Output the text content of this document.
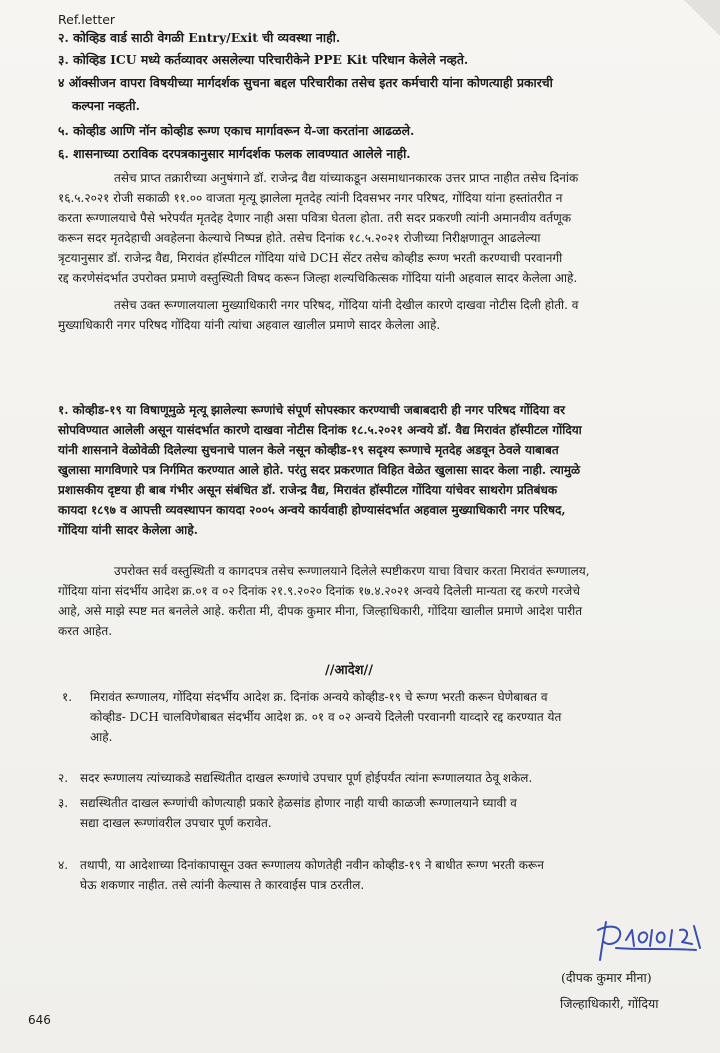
Ref.letter
२. कोव्हिड वार्ड साठी वेगळी Entry/Exit ची व्यवस्था नाही.
३. कोव्हिड ICU मध्ये कर्तव्यावर असलेल्या परिचारीकेने PPE Kit परिधान केलेले नव्हते.
४ ऑक्सीजन वापरा विषयीच्या मार्गदर्शक सुचना बद्दल परिचारीका तसेच इतर कर्मचारी यांना कोणत्याही प्रकारची
कल्पना नव्हती.
५. कोव्हीड आणि नॉन कोव्हीड रूग्ण एकाच मार्गावरून ये-जा करतांना आढळले.
६. शासनाच्या ठराविक दरपत्रकानुसार मार्गदर्शक फलक लावण्यात आलेले नाही.
तसेच प्राप्त तक्रारीच्या अनुषंगाने डॉ. राजेन्द्र वैद्य यांच्याकडून असमाधानकारक उत्तर प्राप्त नाहीत तसेच दिनांक
१६.५.२०२१ रोजी सकाळी ११.०० वाजता मृत्यू झालेला मृतदेह त्यांनी दिवसभर नगर परिषद, गोंदिया यांना हस्तांतरीत न
करता रूग्णालयाचे पैसे भरेपर्यंत मृतदेह देणार नाही असा पवित्रा घेतला होता. तरी सदर प्रकरणी त्यांनी अमानवीय वर्तणूक
करून सदर मृतदेहाची अवहेलना केल्याचे निष्पन्न होते. तसेच दिनांक १८.५.२०२१ रोजीच्या निरीक्षणातून आढलेल्या
त्रृटयानुसार डॉ. राजेन्द्र वैद्य, मिरावंत हॉस्पीटल गोंदिया यांचे DCH सेंटर तसेच कोव्हीड रूग्ण भरती करण्याची परवानगी
रद्द करणेसंदर्भात उपरोक्त प्रमाणे वस्तुस्थिती विषद करून जिल्हा शल्यचिकित्सक गोंदिया यांनी अहवाल सादर केलेला आहे.
तसेच उक्त रूग्णालयाला मुख्याधिकारी नगर परिषद, गोंदिया यांनी देखील कारणे दाखवा नोटीस दिली होती. व
मुख्याधिकारी नगर परिषद गोंदिया यांनी त्यांचा अहवाल खालील प्रमाणे सादर केलेला आहे.
१. कोव्हीड-१९ या विषाणूमुळे मृत्यू झालेल्या रूग्णांचे संपूर्ण सोपस्कार करण्याची जबाबदारी ही नगर परिषद गोंदिया वर
सोपविण्यात आलेली असून यासंदर्भात कारणे दाखवा नोटीस दिनांक १८.५.२०२१ अन्वये डॉ. वैद्य मिरावंत हॉस्पीटल गोंदिया
यांनी शासनाने वेळोवेळी दिलेल्या सुचनाचे पालन केले नसून कोव्हीड-१९ सदृश्य रूग्णाचे मृतदेह अडवून ठेवले याबाबत
खुलासा मागविणारे पत्र निर्गमित करण्यात आले होते. परंतु सदर प्रकरणात विहित वेळेत खुलासा सादर केला नाही. त्यामुळे
प्रशासकीय दृष्टया ही बाब गंभीर असून संबंधित डॉ. राजेन्द्र वैद्य, मिरावंत हॉस्पीटल गोंदिया यांचेवर साथरोग प्रतिबंधक
कायदा १८९७ व आपत्ती व्यवस्थापन कायदा २००५ अन्वये कार्यवाही होण्यासंदर्भात अहवाल मुख्याधिकारी नगर परिषद,
गोंदिया यांनी सादर केलेला आहे.
उपरोक्त सर्व वस्तुस्थिती व कागदपत्र तसेच रूग्णालयाने दिलेले स्पष्टीकरण याचा विचार करता मिरावंत रूग्णालय,
गोंदिया यांना संदर्भीय आदेश क्र.०१ व ०२ दिनांक २१.९.२०२० दिनांक १७.४.२०२१ अन्वये दिलेली मान्यता रद्द करणे गरजेचे
आहे, असे माझे स्पष्ट मत बनलेले आहे. करीता मी, दीपक कुमार मीना, जिल्हाधिकारी, गोंदिया खालील प्रमाणे आदेश पारीत
करत आहेत.
//आदेश//
१. मिरावंत रूग्णालय, गोंदिया संदर्भीय आदेश क्र. दिनांक अन्वये कोव्हीड-१९ चे रूग्ण भरती करून घेणेबाबत व
कोव्हीड- DCH चालविणेबाबत संदर्भीय आदेश क्र. ०१ व ०२ अन्वये दिलेली परवानगी याव्दारे रद्द करण्यात येत
आहे.
२. सदर रूग्णालय त्यांच्याकडे सद्यस्थितीत दाखल रूग्णांचे उपचार पूर्ण होईपर्यंत त्यांना रूग्णालयात ठेवू शकेल.
३. सद्यस्थितीत दाखल रूग्णांची कोणत्याही प्रकारे हेळसांड होणार नाही याची काळजी रूग्णालयाने घ्यावी व
सद्या दाखल रूग्णांवरील उपचार पूर्ण करावेत.
४. तथापी, या आदेशाच्या दिनांकापासून उक्त रूग्णालय कोणतेही नवीन कोव्हीड-१९ ने बाधीत रूग्ण भरती करून
घेऊ शकणार नाहीत. तसे त्यांनी केल्यास ते कारवाईस पात्र ठरतील.
(दीपक कुमार मीना)
जिल्हाधिकारी, गोंदिया
646
